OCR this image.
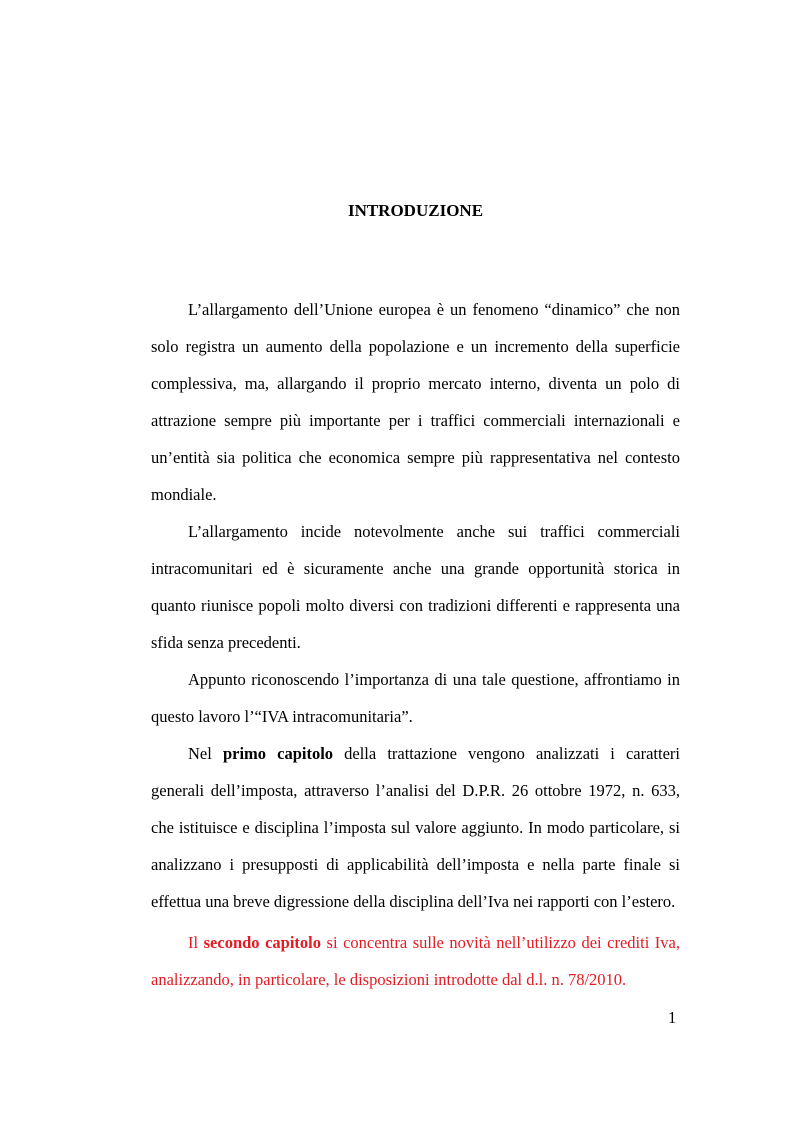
INTRODUZIONE

L’allargamento dell’Unione europea è un fenomeno “dinamico” che non solo registra un aumento della popolazione e un incremento della superficie complessiva, ma, allargando il proprio mercato interno, diventa un polo di attrazione sempre più importante per i traffici commerciali internazionali e un’entità sia politica che economica sempre più rappresentativa nel contesto mondiale.

L’allargamento incide notevolmente anche sui traffici commerciali intracomunitari ed è sicuramente anche una grande opportunità storica in quanto riunisce popoli molto diversi con tradizioni differenti e rappresenta una sfida senza precedenti.

Appunto riconoscendo l’importanza di una tale questione, affrontiamo in questo lavoro l’“IVA intracomunitaria”.

Nel primo capitolo della trattazione vengono analizzati i caratteri generali dell’imposta, attraverso l’analisi del D.P.R. 26 ottobre 1972, n. 633, che istituisce e disciplina l’imposta sul valore aggiunto. In modo particolare, si analizzano i presupposti di applicabilità dell’imposta e nella parte finale si effettua una breve digressione della disciplina dell’Iva nei rapporti con l’estero.

Il secondo capitolo si concentra sulle novità nell’utilizzo dei crediti Iva, analizzando, in particolare, le disposizioni introdotte dal d.l. n. 78/2010.

1
